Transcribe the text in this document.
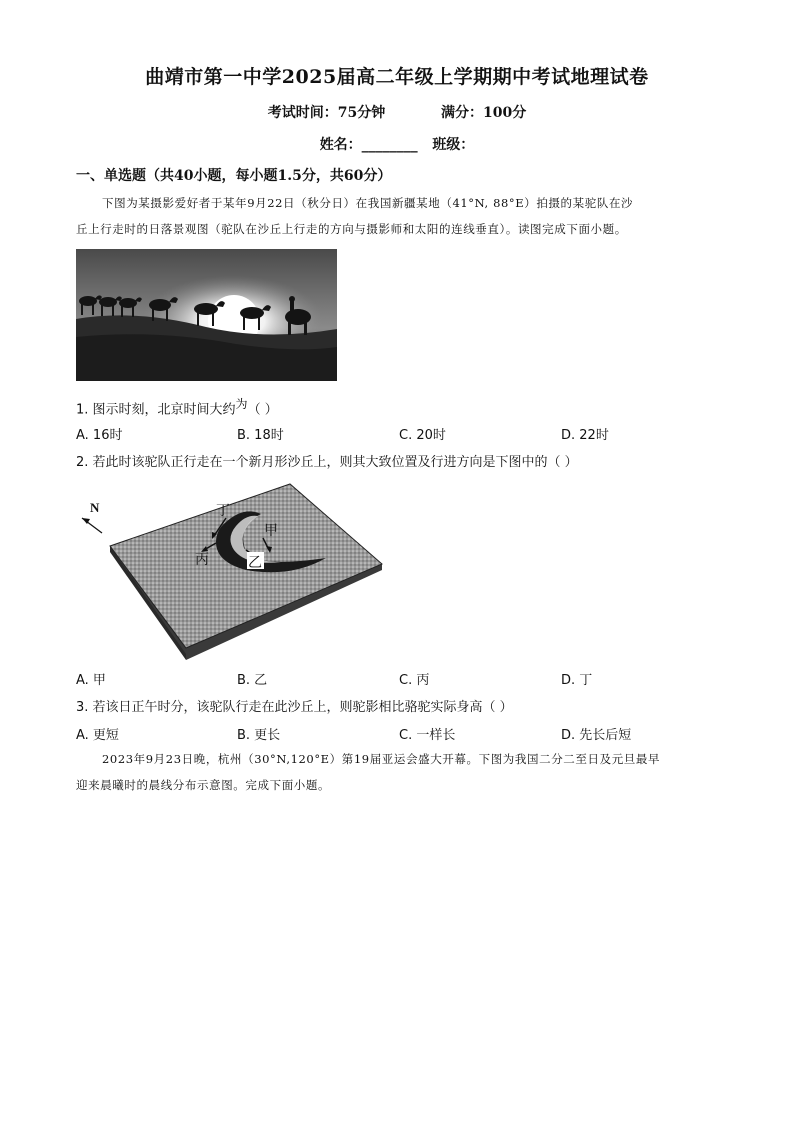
曲靖市第一中学2025届高二年级上学期期中考试地理试卷
考试时间：75分钟	满分：100分
姓名：________ 班级：
一、单选题（共40小题，每小题1.5分，共60分）
下图为某摄影爱好者于某年9月22日（秋分日）在我国新疆某地（41°N, 88°E）拍摄的某驼队在沙
丘上行走时的日落景观图（驼队在沙丘上行走的方向与摄影师和太阳的连线垂直）。读图完成下面小题。
1. 图示时刻，北京时间大约$^为$（ ）
A. 16时	B. 18时	C. 20时	D. 22时
2. 若此时该驼队正行走在一个新月形沙丘上，则其大致位置及行进方向是下图中的（ ）
N	丁
甲
丙	乙
A. 甲	B. 乙	C. 丙	D. 丁
3. 若该日正午时分，该驼队行走在此沙丘上，则驼影相比骆驼实际身高（ ）
A. 更短	B. 更长	C. 一样长	D. 先长后短
2023年9月23日晚，杭州（30°N,120°E）第19届亚运会盛大开幕。下图为我国二分二至日及元旦最早
迎来晨曦时的晨线分布示意图。完成下面小题。
